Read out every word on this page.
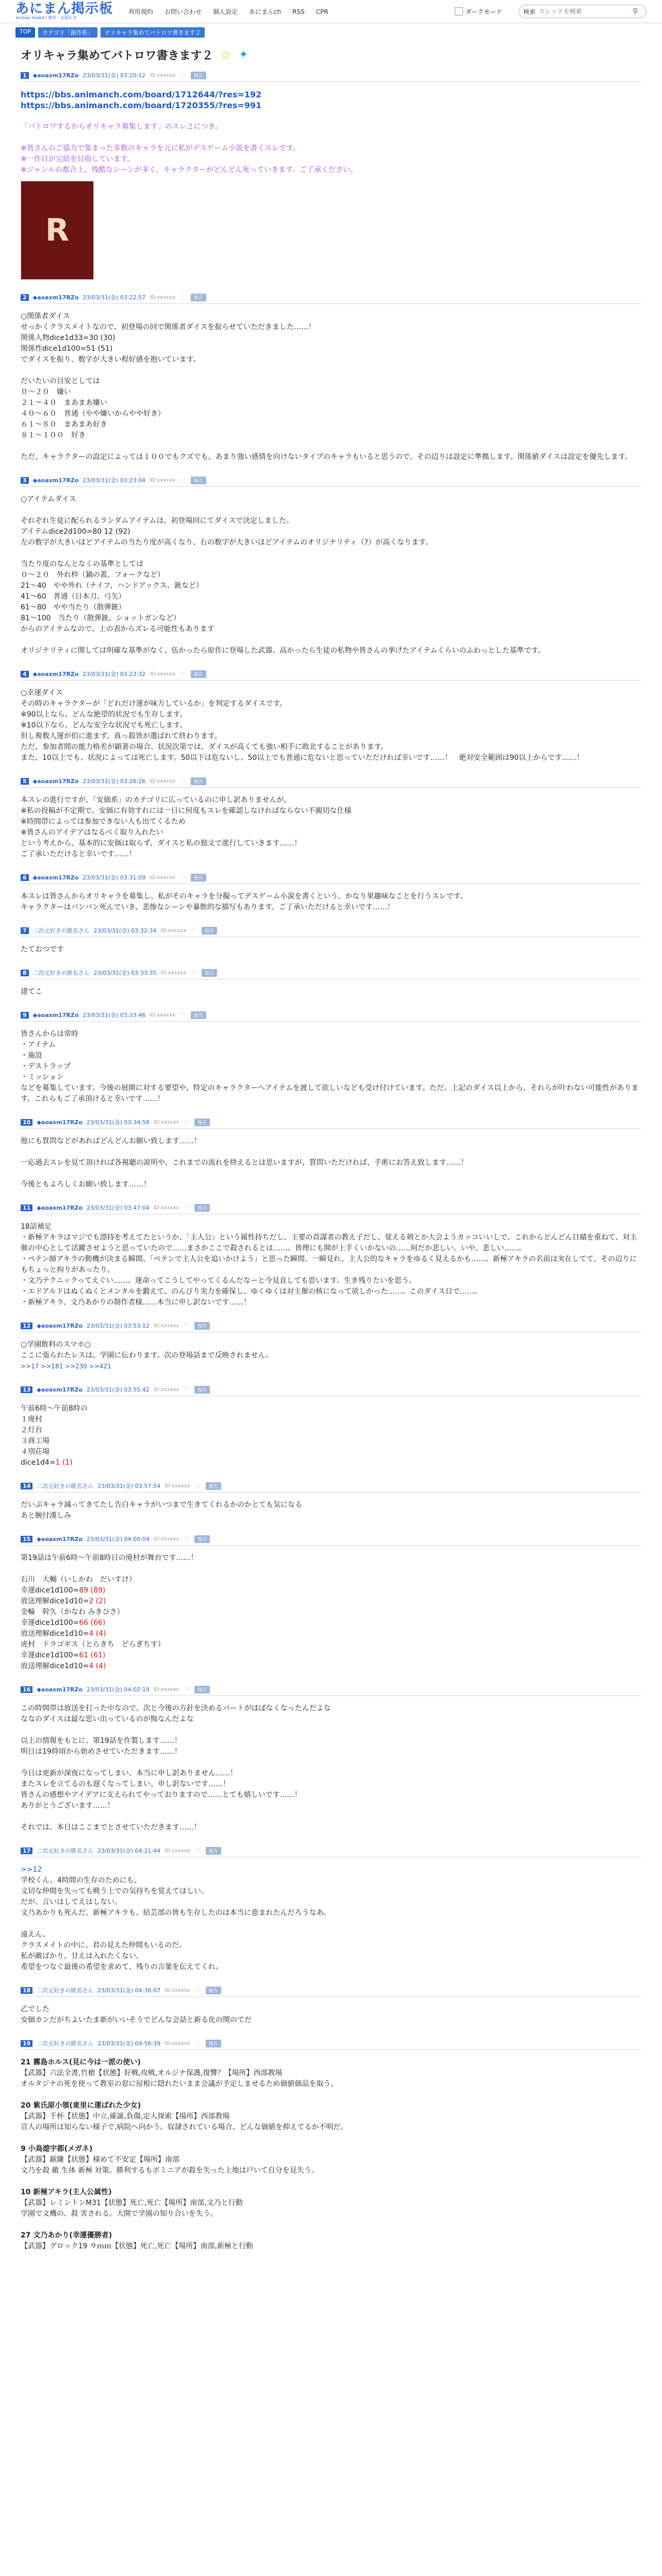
あにまん掲示板
animan board / 創作・お絵かき
利用規約 お問い合わせ 個人設定 あにまんch RSS CPR	ダークモード	検索
スレッドを検索	⚲
TOP	カテゴリ「創作系」	オリキャラ集めてバトロワ書きます２
オリキャラ集めてバトロワ書きます２ ☆ ✦
1	◆aoaxm17RZo 23/03/31(金) 03:20:12 ID:xxxxxx ♡	報告
https://bbs.animanch.com/board/1712644/?res=192
https://bbs.animanch.com/board/1720355/?res=991

「バトロワするからオリキャラ募集します」のスレ２につき。

※皆さんのご協力で集まった多数のキャラを元に私がデスゲーム小説を書くスレです。
※一作目が完結を目指しています。
※ジャンルの都合上、残酷なシーンが多く、キャラクターがどんどん死っていきます。ご了承ください。
R
2	◆aoaxm17RZo 23/03/31(金) 03:22:57 ID:xxxxxx ♡	報告
○関係者ダイス
せっかくクラスメイトなので、初登場の回で関係者ダイスを振らせていただきました……！
関係人物dice1d33=30 (30)
関係性dice1d100=51 (51)
でダイスを振り、数字が大きい程好感を抱いています。

だいたいの目安としては
０～２０　嫌い
２１～４０　まあまあ嫌い
４０～６０　普通（やや嫌いからやや好き）
６１～８０　まあまあ好き
８１～１００　好き

ただ、キャラクターの設定によっては１００でもクズでも、あまり強い感情を向けないタイプのキャラもいると思うので、その辺りは設定に準拠します。関係値ダイスは設定を優先します。
3	◆aoaxm17RZo 23/03/31(金) 03:23:04 ID:xxxxxx ♡	報告
○アイテムダイス

それぞれ生徒に配られるランダムアイテムは、初登場回にてダイスで決定しました。
アイテムdice2d100=80 12 (92)
左の数字が大きいほどアイテムの当たり度が高くなり、右の数字が大きいほどアイテムのオリジナリティ（?）が高くなります。

当たり度のなんとなくの基準としては
０～２０　外れ枠（鍋の蓋、フォークなど）
21～40　やや外れ（ナイフ、ハンドアックス、銃など）
41～60　普通（日本刀、弓矢）
61～80　やや当たり（散弾銃）
81～100　当たり（散弾銃、ショットガンなど）
からのアイテムなので、上の表からズレる可能性もあります

オリジナリティに関しては明確な基準がなく、伍かったら原作に登場した武器、高かったら生徒の私物や皆さんの挙げたアイテムくらいのふわっとした基準です。
4	◆aoaxm17RZo 23/03/31(金) 03:23:32 ID:xxxxxx ♡	報告
○幸運ダイス
その時のキャラクターが「どれだけ運が味方しているか」を判定するダイスです。
※90以上なら、どんな絶望的状況でも生存します。
※10以下なら、どんな安全な状況でも死亡します。
但し複数人運が伯に進まず、真っ殺皆が選ばれて終わります。
ただ、参加者間の能力格差が顕著の場合、状況次第では、ダイスが高くても強い相手に敗北することがあります。
また、10以上でも、状況によっては死亡します。50以下は危ないし、50以上でも普通に危ないと思っていただければ幸いです……！　絶対安全範囲は90以上からです……！
5	◆aoaxm17RZo 23/03/31(金) 03:26:26 ID:xxxxxx ♡	報告
本スレの進行ですが、「安価系」のカテゴリに広っているのに申し訳ありませんが、
※私の投稿が不定期で、安価に有効すれには一日に何度もスレを確認しなければならない不親切な仕様
※時間帯によっては参加できない人も出てくるため
※皆さんのアイデアはなるべく取り入れたい
という考えから、基本的に安価は取らず、ダイスと私の独文で進行していきます……！
ご了承いただけると幸いです……！
6	◆aoaxm17RZo 23/03/31(金) 03:31:09 ID:xxxxxx ♡	報告
本スレは皆さんからオリキャラを募集し、私がそのキャラを分擬ってデスゲーム小説を書くという、かなり果趣味なことを行うスレです。
キャラクターはバンバン死んでいき、悲惨なシーンや暴飲的な描写もあります。ご了承いただけると幸いです……！
7	二次元好きの匿名さん 23/03/31(金) 03:32:34 ID:xxxxxx ♡	報告
たておつです
8	二次元好きの匿名さん 23/03/31(金) 03:33:35 ID:xxxxxx ♡	報告
建てこ
9	◆aoaxm17RZo 23/03/31(金) 03:33:46 ID:xxxxxx ♡	報告
皆さんからは常時
・アイテム
・施設
・デストラップ
・ミッション
などを募集しています。今後の展開に対する要望や、特定のキャラクターへアイテムを渡して欲しいなども受け付けています。ただ、上記のダイス以上から、それらが叶わない可能性があります。これらもご了承頂けると幸いです……！
10	◆aoaxm17RZo 23/03/31(金) 03:34:58 ID:xxxxxx ♡	報告
他にも質問などがあればどんどんお願い致します……！

一応過去スレを見て頂ければ各視聴の説明や、これまでの流れを終えるとは思いますが、質問いただければ、手術にお答え致します……！

今後ともよろしくお願い致します……！
11	◆aoaxm17RZo 23/03/31(金) 03:47:04 ID:xxxxxx ♡	報告
18話補足
・新極アキラはマジでも漂持を考えてたというか、「主人公」という属性持ちだし、主要の首謀者の教え子だし、覚える剣とか大会ようカッコいいしで、これからどんどん目績を重ねて、対主催の中心として活躍させようと思っていたので……まさかここで殺されるとは……。皆理にも開が上手くいかないの……何だか悲しい。いや、悲しい……。
・ペテン師アキラの動機が決まる瞬間、「ペテンで主人公を追いかけよう」と思った瞬間、一瞬見れ、主人公的なキャラをゆるく見えるかも……。新極アキラの名前は実在してて、その辺りにもちょっと拘りがあったり。
・文乃テクニックってえぐい……。運命ってこうしてやってくるんだなーと今見直しても思います。生き残りたいを思う。
・エドアルドはぬくぬくとメンタルを鍛えて、のんびり実力を確保し、ゆくゆくは対主催の核になって欲しかった……。このダイス目で……。
・新極アキラ、文乃あかりの制作者様……本当に申し訳ないです……！
12	◆aoaxm17RZo 23/03/31(金) 03:53:12 ID:xxxxxx ♡	報告
○学園飲料のスマホ○
ここに張られたレスは、学園に伝わります。次の登場話まで反映されません。
>>17 >>181 >>230 >>421
13	◆aoaxm17RZo 23/03/31(金) 03:55:42 ID:xxxxxx ♡	報告
午前6時〜午前8時の
１廃村
２灯台
３商工場
４別荘場
dice1d4=1 (1)
14	二次元好きの匿名さん 23/03/31(金) 03:57:54 ID:xxxxxx ♡	報告
だいぶキャラ減ってきてたし告白キャラがいつまで生きてくれるかのかとても気になる
あと腕付漢しみ
15	◆aoaxm17RZo 23/03/31(金) 04:00:04 ID:xxxxxx ♡	報告
第19話は午前6時〜午前8時日の廃村が舞台です……！

石川　大輔（いしかわ　だいすけ）
幸運dice1d100=89 (89)
放送理解dice1d10=2 (2)
金輪　幹久（かなわ みきひさ）
幸運dice1d100=66 (66)
放送理解dice1d10=4 (4)
虎村　ドラゴギス（とらきち　どらぎちす）
幸運dice1d100=61 (61)
放送理解dice1d10=4 (4)
16	◆aoaxm17RZo 23/03/31(金) 04:02:19 ID:xxxxxx ♡	報告
この時間帯は放送を打った中なので、次と今後の方針を決めるパートがほぼなくなったんだよな
ななのダイスは最な思い出っているのが悔なんだよな

以上の情報をもとに、第19話を作製します……！
明日は19時頃から始めさせていただきます……！

今日は更新が深夜になってしまい、本当に申し訳ありません……！
またスレを立てるのも遅くなってしまい、申し訳ないです……！
皆さんの感想やアイデアに支えられてやっておりますので……とても嬉しいです……！
ありがとうございます……！

それでは、本日はここまでとさせていただきます……！
17	二次元好きの匿名さん 23/03/31(金) 04:21:44 ID:xxxxxx ♡	報告
>>12
学校くん、4時間の生存のためにも、
文切な仲間を失っても戦う上での気持ちを覚えてほしい。
だが、言いはしてえはしない。
文乃あかりも死んだ、新極アキラも、結芸部の皆も生存したのは本当に恵まれたんだろうなあ。

遠えん、
クラスメイトの中に、君の見えた仲間もいるのだ。
私が敵ばかり、甘えは入れたくない。
希望をつなぐ最後の希望を求めて、残りの言葉を伝えてくれ。
18	二次元好きの匿名さん 23/03/31(金) 04:36:07 ID:xxxxxx ♡	報告
乙でした
安価カンだがちよいたま新がいいそうでどんな会話と新る化の関のてだ
19	二次元好きの匿名さん 23/03/31(金) 04:56:39 ID:xxxxxx ♡	報告
21 霧島ホルス(見に今は一派の使い)
【武器】六法全書,竹槍【状態】好戦,攻戦,オルジナ保護,復讐？【場所】西部教場
オルタジナの死を使って教室の窓に屋根に隠れたいまま会議が予定しませるため価値価品を取う。

20 紫氏原小領(東里に運ばれた少女)
【武器】千杯【状態】中立,確誕,負傷,定人探索【場所】西部教場
宣人の場所は知らない様子で,病院へ向かう。奴隷されている場合、どんな価値を抑えてるか不明だ。

9 小鳥遊宇都(メガネ)
【武器】鋸鎌【状態】様めて不安定【場所】南部
文乃を殺 敵 生体 新極 対策。勝利するもボミニアが殺を失った上地は戸いて自分を見失う。

10 新極アキラ(主人公属性)
【武器】レミントンM31【状態】死亡,死亡【場所】南部,文乃と行動
学園で文機の、殺 害される。大開で学園の知り合いを失う。

27 文乃あかり(幸運優勝者)
【武器】グロック19 ９ｍｍ【状態】死亡,死亡【場所】南部,新極と行動
